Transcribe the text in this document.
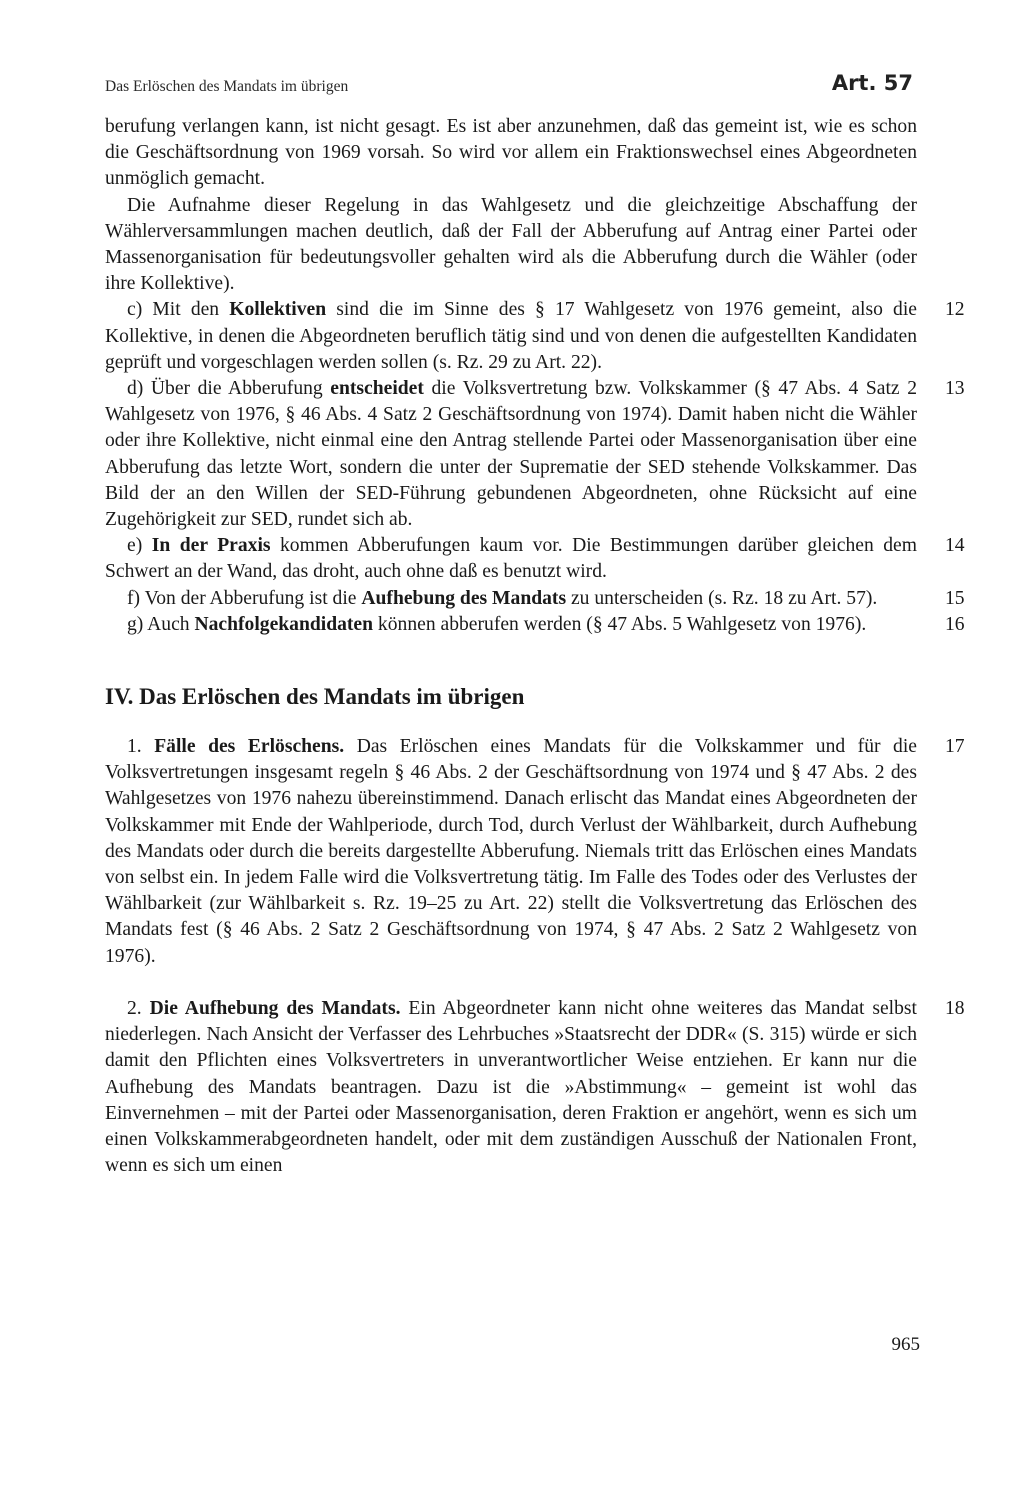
Das Erlöschen des Mandats im übrigen	Art. 57

berufung verlangen kann, ist nicht gesagt. Es ist aber anzunehmen, daß das gemeint ist, wie es schon die Geschäftsordnung von 1969 vorsah. So wird vor allem ein Fraktionswechsel eines Abgeordneten unmöglich gemacht.

Die Aufnahme dieser Regelung in das Wahlgesetz und die gleichzeitige Abschaffung der Wählerversammlungen machen deutlich, daß der Fall der Abberufung auf Antrag einer Partei oder Massenorganisation für bedeutungsvoller gehalten wird als die Abberufung durch die Wähler (oder ihre Kollektive).

12
c) Mit den Kollektiven sind die im Sinne des § 17 Wahlgesetz von 1976 gemeint, also die Kollektive, in denen die Abgeordneten beruflich tätig sind und von denen die aufgestellten Kandidaten geprüft und vorgeschlagen werden sollen (s. Rz. 29 zu Art. 22).

13
d) Über die Abberufung entscheidet die Volksvertretung bzw. Volkskammer (§ 47 Abs. 4 Satz 2 Wahlgesetz von 1976, § 46 Abs. 4 Satz 2 Geschäftsordnung von 1974). Damit haben nicht die Wähler oder ihre Kollektive, nicht einmal eine den Antrag stellende Partei oder Massenorganisation über eine Abberufung das letzte Wort, sondern die unter der Suprematie der SED stehende Volkskammer. Das Bild der an den Willen der SED-Führung gebundenen Abgeordneten, ohne Rücksicht auf eine Zugehörigkeit zur SED, rundet sich ab.

14
e) In der Praxis kommen Abberufungen kaum vor. Die Bestimmungen darüber gleichen dem Schwert an der Wand, das droht, auch ohne daß es benutzt wird.

15
f) Von der Abberufung ist die Aufhebung des Mandats zu unterscheiden (s. Rz. 18 zu Art. 57).

16
g) Auch Nachfolgekandidaten können abberufen werden (§ 47 Abs. 5 Wahlgesetz von 1976).

IV. Das Erlöschen des Mandats im übrigen

17
1. Fälle des Erlöschens. Das Erlöschen eines Mandats für die Volkskammer und für die Volksvertretungen insgesamt regeln § 46 Abs. 2 der Geschäftsordnung von 1974 und § 47 Abs. 2 des Wahlgesetzes von 1976 nahezu übereinstimmend. Danach erlischt das Mandat eines Abgeordneten der Volkskammer mit Ende der Wahlperiode, durch Tod, durch Verlust der Wählbarkeit, durch Aufhebung des Mandats oder durch die bereits dargestellte Abberufung. Niemals tritt das Erlöschen eines Mandats von selbst ein. In jedem Falle wird die Volksvertretung tätig. Im Falle des Todes oder des Verlustes der Wählbarkeit (zur Wählbarkeit s. Rz. 19–25 zu Art. 22) stellt die Volksvertretung das Erlöschen des Mandats fest (§ 46 Abs. 2 Satz 2 Geschäftsordnung von 1974, § 47 Abs. 2 Satz 2 Wahlgesetz von 1976).

18
2. Die Aufhebung des Mandats. Ein Abgeordneter kann nicht ohne weiteres das Mandat selbst niederlegen. Nach Ansicht der Verfasser des Lehrbuches »Staatsrecht der DDR« (S. 315) würde er sich damit den Pflichten eines Volksvertreters in unverantwortlicher Weise entziehen. Er kann nur die Aufhebung des Mandats beantragen. Dazu ist die »Abstimmung« – gemeint ist wohl das Einvernehmen – mit der Partei oder Massenorganisation, deren Fraktion er angehört, wenn es sich um einen Volkskammerabgeordneten handelt, oder mit dem zuständigen Ausschuß der Nationalen Front, wenn es sich um einen

965
